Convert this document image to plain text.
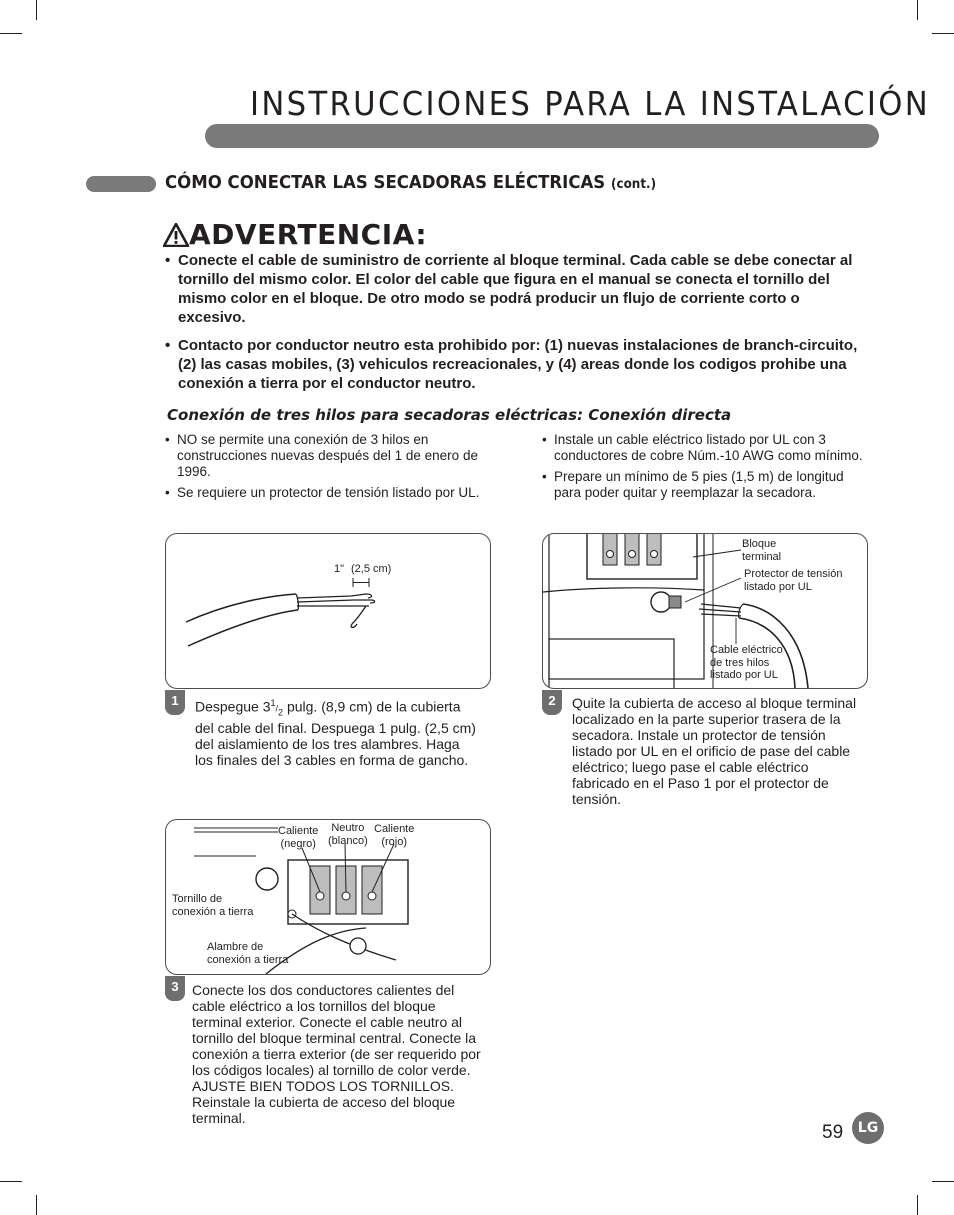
INSTRUCCIONES PARA LA INSTALACIÓN
CÓMO CONECTAR LAS SECADORAS ELÉCTRICAS (cont.)
ADVERTENCIA:
• Conecte el cable de suministro de corriente al bloque terminal. Cada cable se debe conectar al tornillo del mismo color. El color del cable que figura en el manual se conecta el tornillo del mismo color en el bloque. De otro modo se podrá producir un flujo de corriente corto o excesivo.
• Contacto por conductor neutro esta prohibido por: (1) nuevas instalaciones de branch-circuito, (2) las casas mobiles, (3) vehiculos recreacionales, y (4) areas donde los codigos prohibe una conexión a tierra por el conductor neutro.
Conexión de tres hilos para secadoras eléctricas: Conexión directa
• NO se permite una conexión de 3 hilos en construcciones nuevas después del 1 de enero de 1996.
• Se requiere un protector de tensión listado por UL.
• Instale un cable eléctrico listado por UL con 3 conductores de cobre Núm.-10 AWG como mínimo.
• Prepare un mínimo de 5 pies (1,5 m) de longitud para poder quitar y reemplazar la secadora.
1" (2,5 cm)
1	Despegue $3^1/_2$ pulg. (8,9 cm) de la cubierta del cable del final. Despuega 1 pulg. (2,5 cm) del aislamiento de los tres alambres. Haga los finales del 3 cables en forma de gancho.
Bloque
terminal
Protector de tensión
listado por UL
Cable eléctrico
de tres hilos
listado por UL
2	Quite la cubierta de acceso al bloque terminal localizado en la parte superior trasera de la secadora. Instale un protector de tensión listado por UL en el orificio de pase del cable eléctrico; luego pase el cable eléctrico fabricado en el Paso 1 por el protector de tensión.
Caliente
(negro)
Neutro
(blanco)
Caliente
(rojo)
Tornillo de
conexión a tierra
Alambre de
conexión a tierra
3 Conecte los dos conductores calientes del cable eléctrico a los tornillos del bloque terminal exterior. Conecte el cable neutro al tornillo del bloque terminal central. Conecte la conexión a tierra exterior (de ser requerido por los códigos locales) al tornillo de color verde. AJUSTE BIEN TODOS LOS TORNILLOS. Reinstale la cubierta de acceso del bloque terminal.
59 LG
